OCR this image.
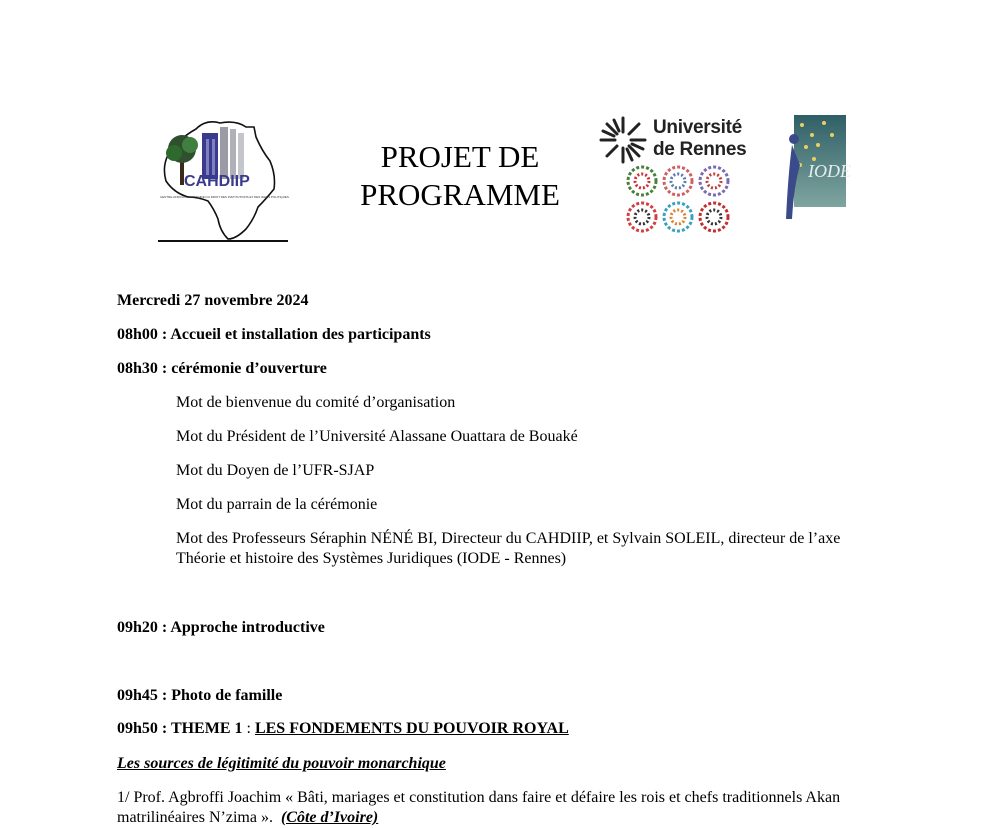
CAHDIIP
CENTRE AFRICAIN D'HISTOIRE DU DROIT DES INSTITUTIONS ET DES IDEES POLITIQUES
PROJET DE
PROGRAMME
Université
de Rennes
IODE
Mercredi 27 novembre 2024
08h00 : Accueil et installation des participants
08h30 : cérémonie d’ouverture
Mot de bienvenue du comité d’organisation
Mot du Président de l’Université Alassane Ouattara de Bouaké
Mot du Doyen de l’UFR-SJAP
Mot du parrain de la cérémonie
Mot des Professeurs Séraphin NÉNÉ BI, Directeur du CAHDIIP, et Sylvain SOLEIL, directeur de l’axe
Théorie et histoire des Systèmes Juridiques (IODE - Rennes)
09h20 : Approche introductive
09h45 : Photo de famille
09h50 : THEME 1 : LES FONDEMENTS DU POUVOIR ROYAL
Les sources de légitimité du pouvoir monarchique
1/ Prof. Agbroffi Joachim « Bâti, mariages et constitution dans faire et défaire les rois et chefs traditionnels Akan
matrilinéaires N’zima ».  (Côte d’Ivoire)
